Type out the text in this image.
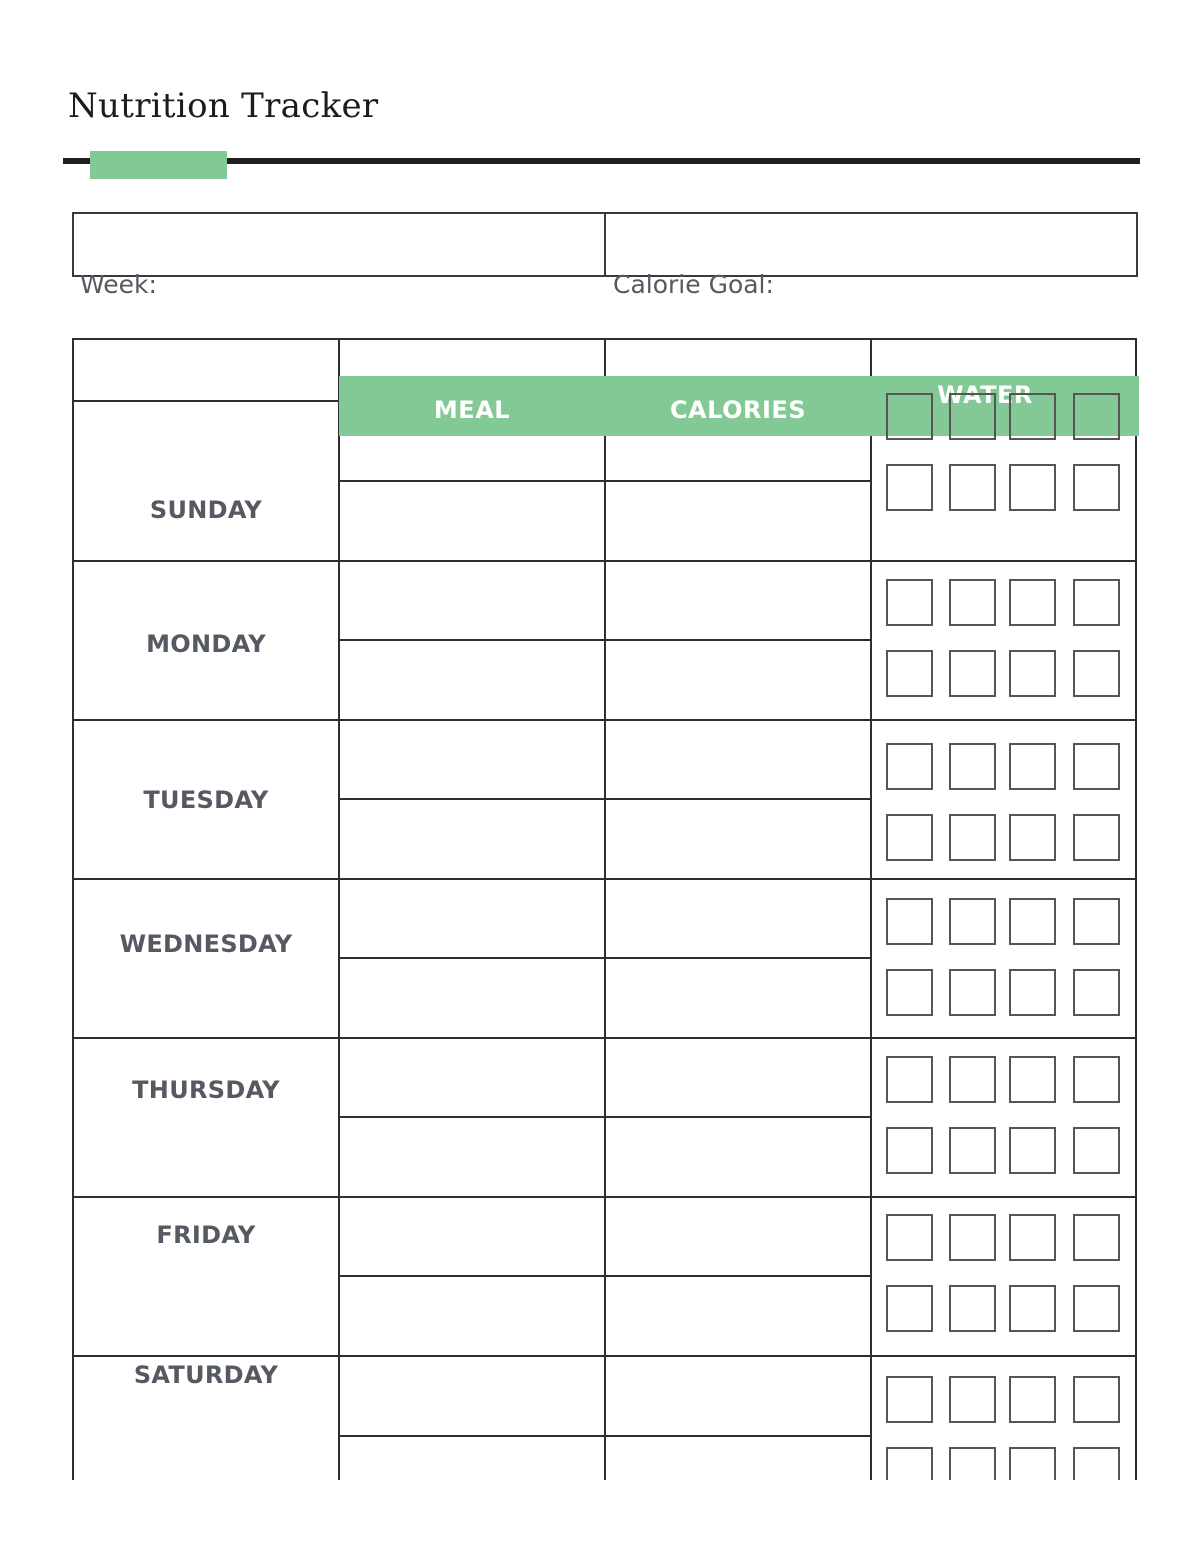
Nutrition Tracker
Week:	Calorie Goal:
MEAL	CALORIES
WATER
SUNDAY
MONDAY
TUESDAY
WEDNESDAY
THURSDAY
FRIDAY
SATURDAY
